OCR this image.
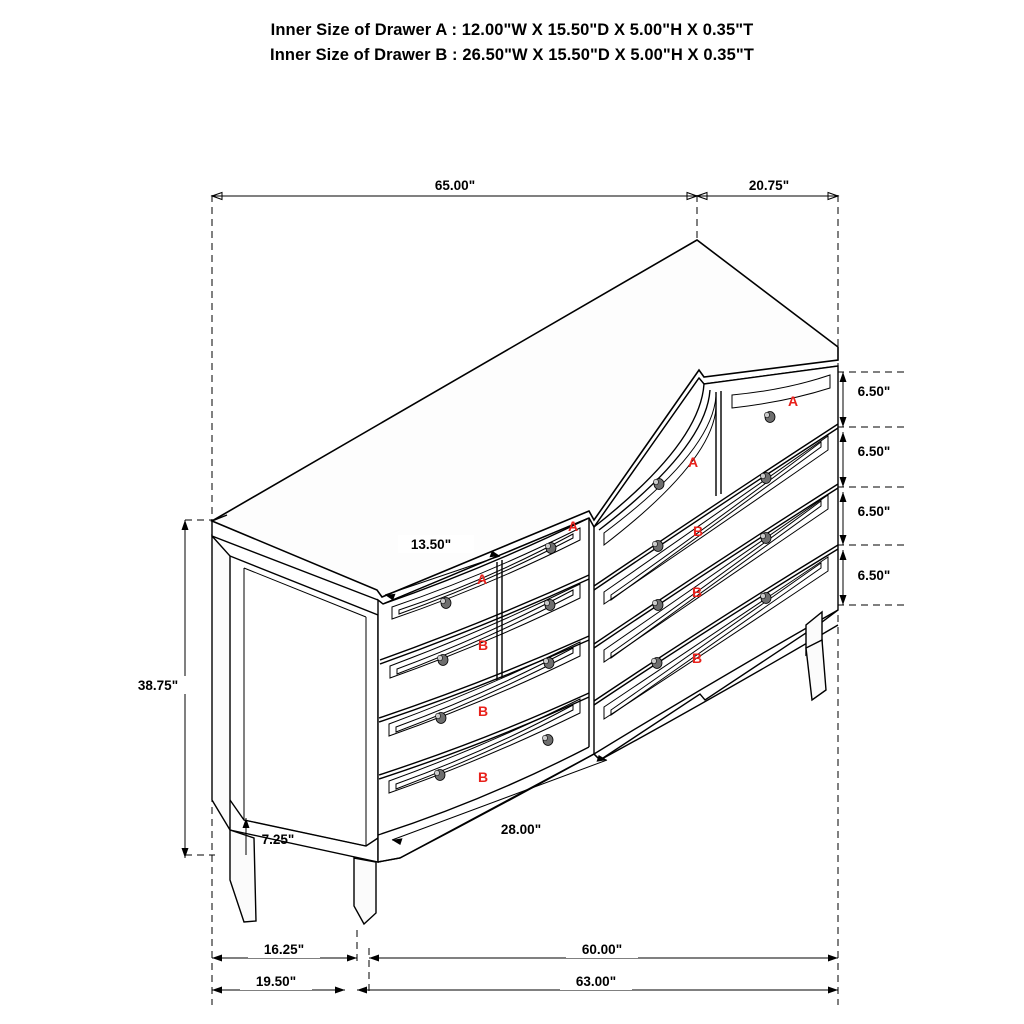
Inner Size of Drawer A : 12.00"W X 15.50"D X 5.00"H X 0.35"T
Inner Size of Drawer B : 26.50"W X 15.50"D X 5.00"H X 0.35"T
65.00"	20.75"
A
A
A
A
B
B
B
B
B
B
6.50"
6.50"
6.50"
6.50"
38.75"
7.25"
13.50"
28.00"
16.25"	60.00"
19.50"	63.00"
